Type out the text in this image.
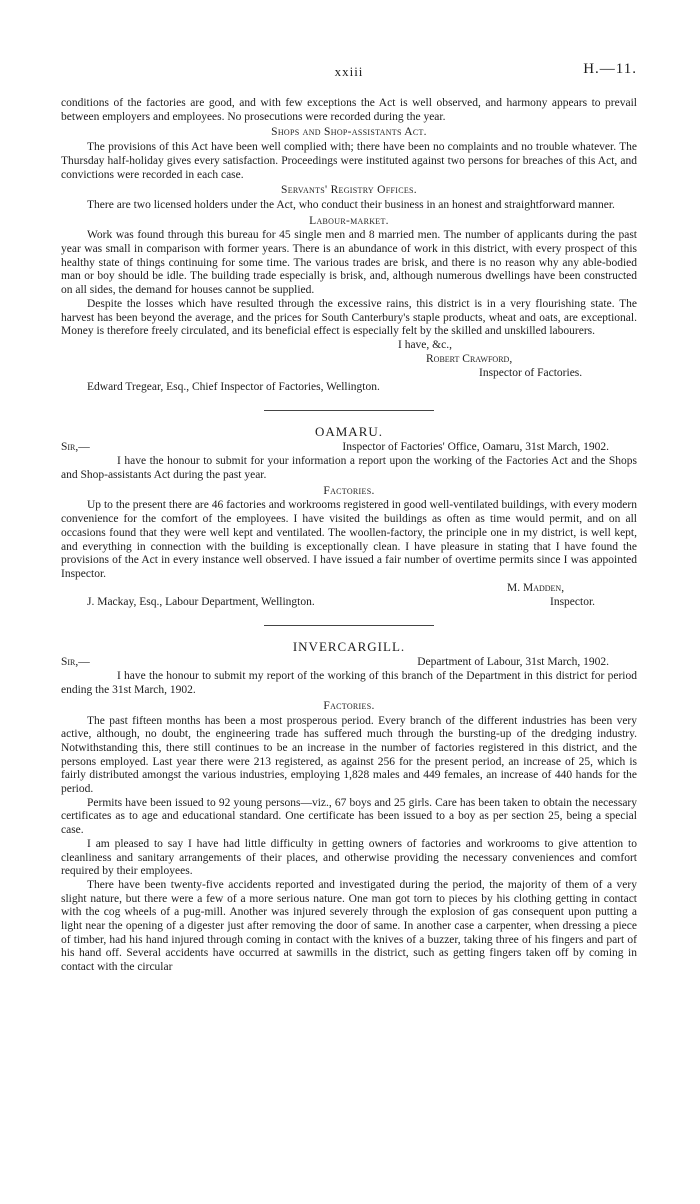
xxiii	H.—11.

conditions of the factories are good, and with few exceptions the Act is well observed, and harmony appears to prevail between employers and employees. No prosecutions were recorded during the year.

Shops and Shop-assistants Act.

The provisions of this Act have been well complied with; there have been no complaints and no trouble whatever. The Thursday half-holiday gives every satisfaction. Proceedings were instituted against two persons for breaches of this Act, and convictions were recorded in each case.

Servants' Registry Offices.

There are two licensed holders under the Act, who conduct their business in an honest and straightforward manner.

Labour-market.

Work was found through this bureau for 45 single men and 8 married men. The number of applicants during the past year was small in comparison with former years. There is an abundance of work in this district, with every prospect of this healthy state of things continuing for some time. The various trades are brisk, and there is no reason why any able-bodied man or boy should be idle. The building trade especially is brisk, and, although numerous dwellings have been constructed on all sides, the demand for houses cannot be supplied.

Despite the losses which have resulted through the excessive rains, this district is in a very flourishing state. The harvest has been beyond the average, and the prices for South Canterbury's staple products, wheat and oats, are exceptional. Money is therefore freely circulated, and its beneficial effect is especially felt by the skilled and unskilled labourers.

I have, &c.,
Robert Crawford,
Inspector of Factories.
Edward Tregear, Esq., Chief Inspector of Factories, Wellington.
OAMARU.
Sir,—	Inspector of Factories' Office, Oamaru, 31st March, 1902.

I have the honour to submit for your information a report upon the working of the Factories Act and the Shops and Shop-assistants Act during the past year.

Factories.

Up to the present there are 46 factories and workrooms registered in good well-ventilated buildings, with every modern convenience for the comfort of the employees. I have visited the buildings as often as time would permit, and on all occasions found that they were well kept and ventilated. The woollen-factory, the principle one in my district, is well kept, and everything in connection with the building is exceptionally clean. I have pleasure in stating that I have found the provisions of the Act in every instance well observed. I have issued a fair number of overtime permits since I was appointed Inspector.

M. Madden,
J. Mackay, Esq., Labour Department, Wellington.	Inspector.
INVERCARGILL.
Sir,—	Department of Labour, 31st March, 1902.

I have the honour to submit my report of the working of this branch of the Department in this district for period ending the 31st March, 1902.

Factories.

The past fifteen months has been a most prosperous period. Every branch of the different industries has been very active, although, no doubt, the engineering trade has suffered much through the bursting-up of the dredging industry. Notwithstanding this, there still continues to be an increase in the number of factories registered in this district, and the persons employed. Last year there were 213 registered, as against 256 for the present period, an increase of 25, which is fairly distributed amongst the various industries, employing 1,828 males and 449 females, an increase of 440 hands for the period.

Permits have been issued to 92 young persons—viz., 67 boys and 25 girls. Care has been taken to obtain the necessary certificates as to age and educational standard. One certificate has been issued to a boy as per section 25, being a special case.

I am pleased to say I have had little difficulty in getting owners of factories and workrooms to give attention to cleanliness and sanitary arrangements of their places, and otherwise providing the necessary conveniences and comfort required by their employees.

There have been twenty-five accidents reported and investigated during the period, the majority of them of a very slight nature, but there were a few of a more serious nature. One man got torn to pieces by his clothing getting in contact with the cog wheels of a pug-mill. Another was injured severely through the explosion of gas consequent upon putting a light near the opening of a digester just after removing the door of same. In another case a carpenter, when dressing a piece of timber, had his hand injured through coming in contact with the knives of a buzzer, taking three of his fingers and part of his hand off. Several accidents have occurred at sawmills in the district, such as getting fingers taken off by coming in contact with the circular
